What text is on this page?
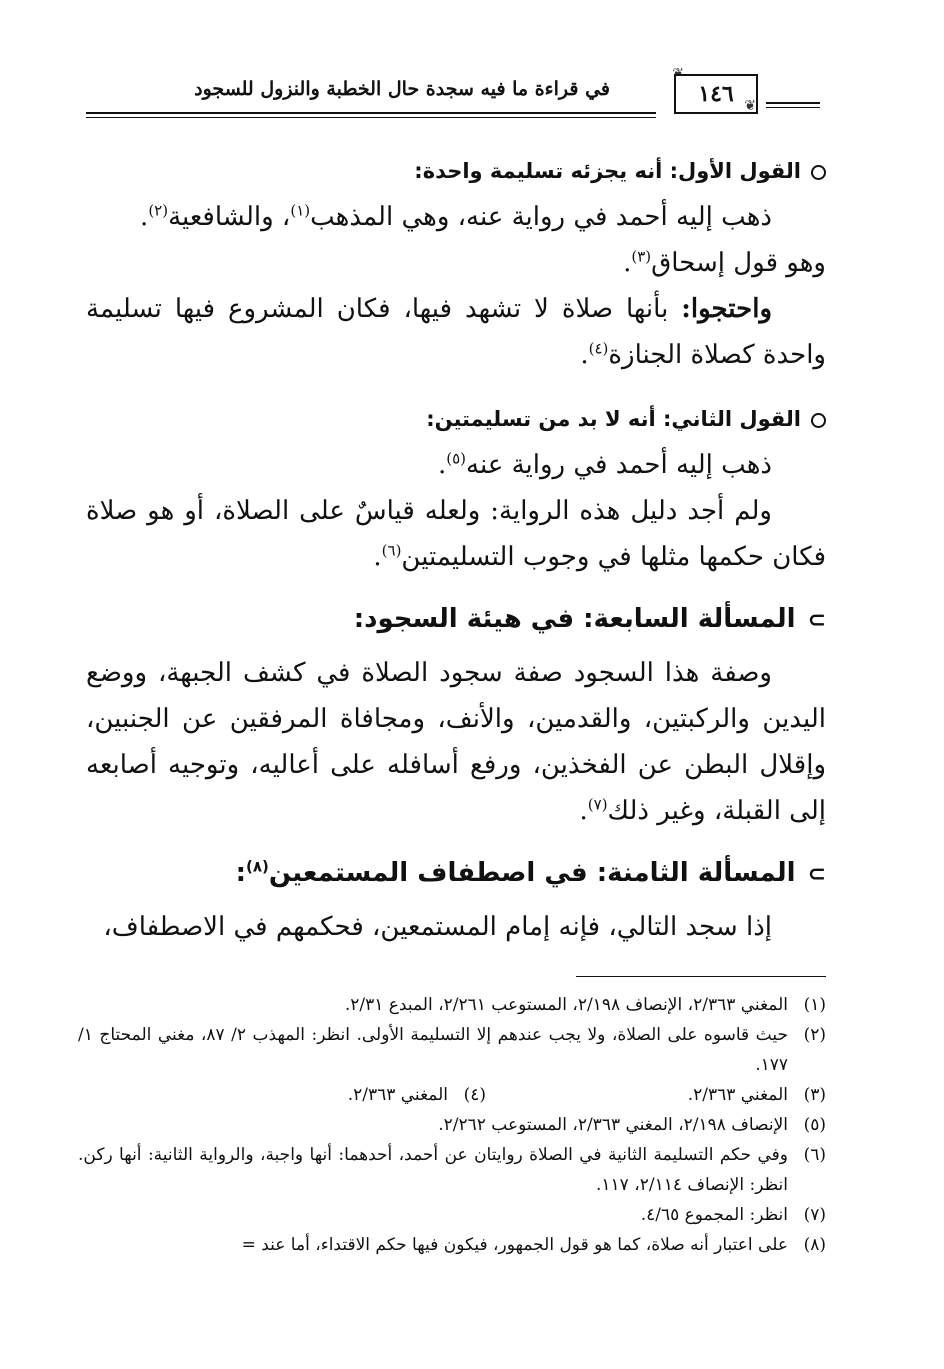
في قراءة ما فيه سجدة حال الخطبة والنزول للسجود	١٤٦ ❦

القول الأول: أنه يجزئه تسليمة واحدة:

ذهب إليه أحمد في رواية عنه، وهي المذهب$^{(١)}$، والشافعية$^{(٢)}$.

وهو قول إسحاق$^{(٣)}$.

واحتجوا: بأنها صلاة لا تشهد فيها، فكان المشروع فيها تسليمة واحدة كصلاة الجنازة$^{(٤)}$.

القول الثاني: أنه لا بد من تسليمتين:

ذهب إليه أحمد في رواية عنه$^{(٥)}$.

ولم أجد دليل هذه الرواية: ولعله قياسٌ على الصلاة، أو هو صلاة فكان حكمها مثلها في وجوب التسليمتين$^{(٦)}$.

⊃المسألة السابعة: في هيئة السجود:

وصفة هذا السجود صفة سجود الصلاة في كشف الجبهة، ووضع اليدين والركبتين، والقدمين، والأنف، ومجافاة المرفقين عن الجنبين، وإقلال البطن عن الفخذين، ورفع أسافله على أعاليه، وتوجيه أصابعه إلى القبلة، وغير ذلك$^{(٧)}$.

⊃المسألة الثامنة: في اصطفاف المستمعين$^{(٨)}$:

إذا سجد التالي، فإنه إمام المستمعين، فحكمهم في الاصطفاف،

(١)
المغني ٢/٣٦٣، الإنصاف ٢/١٩٨، المستوعب ٢/٢٦١، المبدع ٢/٣١.

(٢)
حيث قاسوه على الصلاة، ولا يجب عندهم إلا التسليمة الأولى. انظر: المهذب ٢/ ٨٧، مغني المحتاج ١/ ١٧٧.

(٣)
المغني ٢/٣٦٣.

(٤)
المغني ٢/٣٦٣.

(٥)
الإنصاف ٢/١٩٨، المغني ٢/٣٦٣، المستوعب ٢/٢٦٢.

(٦)
وفي حكم التسليمة الثانية في الصلاة روايتان عن أحمد، أحدهما: أنها واجبة، والرواية الثانية: أنها ركن. انظر: الإنصاف ٢/١١٤، ١١٧.

(٧)
انظر: المجموع ٤/٦٥.

(٨)
على اعتبار أنه صلاة، كما هو قول الجمهور، فيكون فيها حكم الاقتداء، أما عند =
